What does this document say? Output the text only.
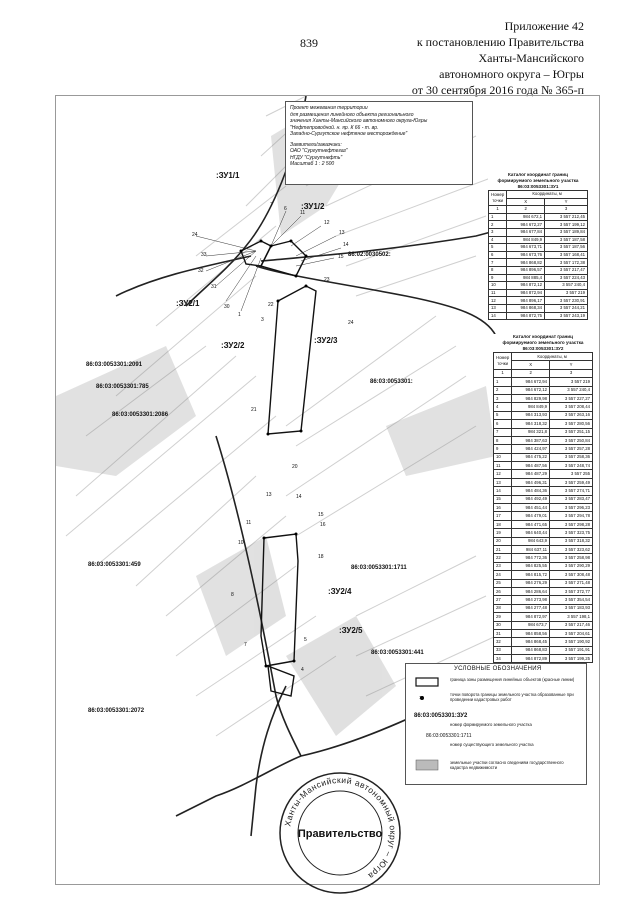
839
Приложение 42
к постановлению Правительства
Ханты-Мансийского
автономного округа – Югры
от 30 сентября 2016 года № 365-п
7
6
11
12
13
14
15
24
33
32
31
30
1
3
22
23
24
21
20
13	14
15
16
18
11
10
8
7
5
4
:ЗУ1/1
:ЗУ1/2
:ЗУ2/1
:ЗУ2/2
:ЗУ2/3
:ЗУ2/4
:ЗУ2/5
86:02:0030502:
86:03:0053301:2091
86:03:0053301:785
86:03:0053301:2086
86:03:0053301:
86:03:0053301:459	86:03:0053301:1711
86:03:0053301:441
86:03:0053301:2072
Проект межевания территории
для размещения линейного объекта регионального
значения Ханты-Мансийского автономного округа-Югры
"Нефтепроводной. н. яр. К 66 - т. вр.
Западно-Сургутское нефтяное месторождение"
Заявители/заказчики:
ОАО "Сургутнефтегаз"
НГДУ "Сургутнефть"
Масштаб 1 : 2 500
Каталог координат границ
формируемого земельного участка
86:03:0053301:ЗУ1
Номер точки	Координаты, м	
	X	Y
1	2	3
1	984 672,1	3 557 212,45
2	984 672,27	3 557 199,12
3	984 677,84	3 557 189,84
4	984 849,9	3 557 187,58
5	984 673,71	3 557 187,56
6	984 673,76	3 557 168,41
7	984 868,82	3 557 172,38
8	984 896,57	3 557 217,47
9	984 885,4	3 557 224,43
10	984 872,12	3 557 240,4
11	984 872,94	3 557 219
12	984 896,17	3 557 230,91
13	984 868,34	3 557 244,21
14	984 872,75	3 557 243,19
Каталог координат границ
формируемого земельного участка
86:03:0053301:ЗУ2
Номер точки	Координаты, м	
	X	Y
1	2	3
1	984 672,94	3 557 219
2	984 672,12	3 557 240,4
3	984 829,98	3 557 227,27
4	984 849,9	3 557 208,44
5	984 313,93	3 557 263,16
6	984 318,32	3 557 280,56
7	984 321,8	3 557 251,15
8	984 387,63	3 557 250,84
9	984 424,97	3 557 257,28
10	984 475,22	3 557 258,36
11	984 487,56	3 557 248,74
12	984 487,29	3 557 255
13	984 496,31	3 557 259,49
14	984 484,36	3 557 274,71
15	984 492,49	3 557 283,47
16	984 451,44	3 557 296,23
17	984 479,01	3 557 294,78
18	984 471,65	3 557 298,28
19	984 640,44	3 557 323,75
20	984 643,9	3 557 318,32
21	984 637,11	3 557 323,62
22	984 772,36	3 557 258,98
23	984 825,55	3 557 290,29
24	984 815,72	3 557 308,48
25	984 276,29	3 557 271,48
26	984 286,64	3 557 372,77
27	984 273,98	3 557 354,54
28	984 277,48	3 557 183,93
29	984 872,97	3 557 198,1
30	984 673,7	3 557 217,46
31	984 858,56	3 557 204,61
32	984 868,45	3 557 190,92
33	984 868,83	3 557 191,91
34	984 872,89	3 557 199,25
УСЛОВНЫЕ ОБОЗНАЧЕНИЯ
12
граница зоны размещения линейных объектов (красные линии)
точки поворота границы земельного участка образованные при проведении кадастровых работ
86:03:0053301:ЗУ2
номер формируемого земельного участка
86:03:0053301:1711
номер существующего земельного участка
земельные участки согласно сведениям государственного кадастра недвижимости
Ханты-Мансийский автономный округ – Югра
Правительство
